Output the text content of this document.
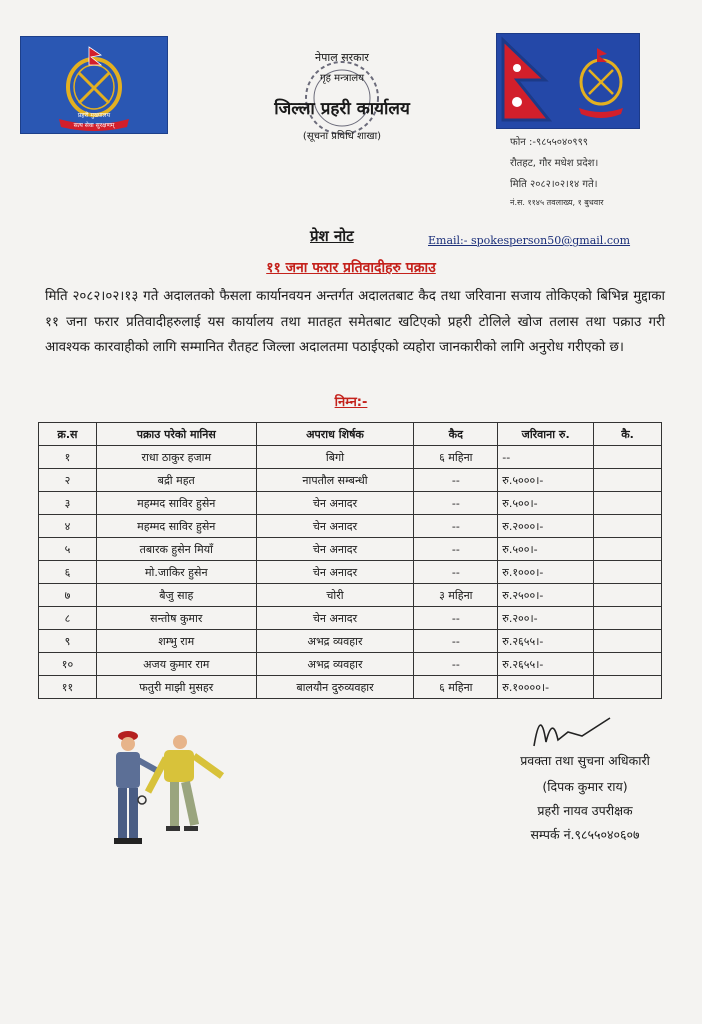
प्रहरी मुख्यालय
सत्य सेवा सुरक्षणम्
नेपाल सरकार
गृह मन्त्रालय
जिल्ला प्रहरी कार्यालय
(सूचना प्रविधि शाखा)
फोन :-९८५५०४०९९९
रौतहट, गौर मधेश प्रदेश।
मिति २०८२।०२।१४ गते।
नं.स. ११४५ तवलाख्य, १ बुधवार
प्रेश नोट	Email:- spokesperson50@gmail.com
११ जना फरार प्रतिवादीहरु पक्राउ
मिति २०८२।०२।१३ गते अदालतको फैसला कार्यानवयन अन्तर्गत अदालतबाट कैद तथा जरिवाना सजाय तोकिएको बिभिन्न मुद्दाका ११ जना फरार प्रतिवादीहरुलाई यस कार्यालय तथा मातहत समेतबाट खटिएको प्रहरी टोलिले खोज तलास तथा पक्राउ गरी आवश्यक कारवाहीको लागि सम्मानित रौतहट जिल्ला अदालतमा पठाईएको व्यहोरा जानकारीको लागि अनुरोध गरीएको छ।
निम्न:-
क्र.स	पक्राउ परेको मानिस	अपराध शिर्षक	कैद	जरिवाना रु.	कै.
१	राधा ठाकुर हजाम	बिगो	६ महिना	--	
२	बद्री महत	नापतौल सम्बन्धी	--	रु.५०००।-	
३	महम्मद साविर हुसेन	चेन अनादर	--	रु.५००।-	
४	महम्मद साविर हुसेन	चेन अनादर	--	रु.२०००।-	
५	तबारक हुसेन मियाँ	चेन अनादर	--	रु.५००।-	
६	मो.जाकिर हुसेन	चेन अनादर	--	रु.१०००।-	
७	बैजु साह	चोरी	३ महिना	रु.२५००।-	
८	सन्तोष कुमार	चेन अनादर	--	रु.२००।-	
९	शम्भु राम	अभद्र व्यवहार	--	रु.२६५५।-	
१०	अजय कुमार राम	अभद्र व्यवहार	--	रु.२६५५।-	
११	फतुरी माझी मुसहर	बालयौन दुरुव्यवहार	६ महिना	रु.१००००।-	
प्रवक्ता तथा सुचना अधिकारी
(दिपक कुमार राय)
प्रहरी नायव उपरीक्षक
सम्पर्क नं.९८५५०४०६०७
